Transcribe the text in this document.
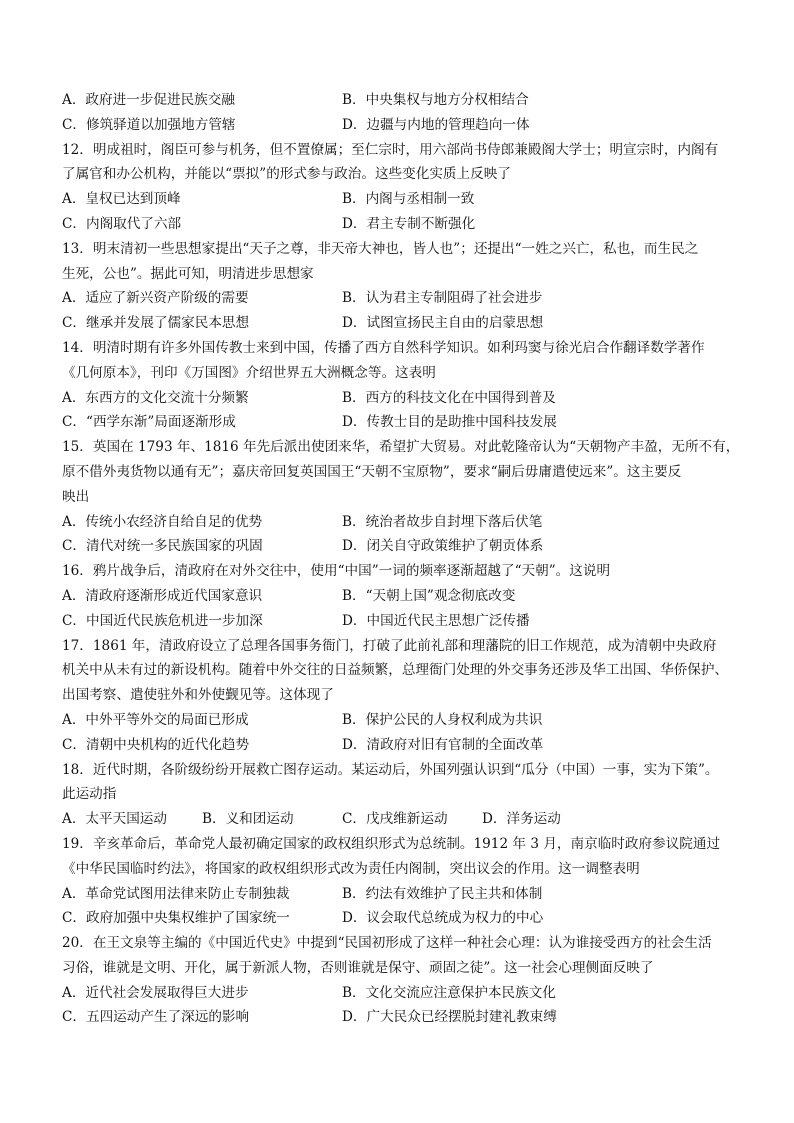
A．政府进一步促进民族交融	B．中央集权与地方分权相结合
C．修筑驿道以加强地方管辖	D．边疆与内地的管理趋向一体
12．明成祖时，阁臣可参与机务，但不置僚属；至仁宗时，用六部尚书侍郎兼殿阁大学士；明宣宗时，内阁有
了属官和办公机构，并能以“票拟”的形式参与政治。这些变化实质上反映了
A．皇权已达到顶峰	B．内阁与丞相制一致
C．内阁取代了六部	D．君主专制不断强化
13．明末清初一些思想家提出“天子之尊，非天帝大神也，皆人也”；还提出“一姓之兴亡，私也，而生民之
生死，公也”。据此可知，明清进步思想家
A．适应了新兴资产阶级的需要	B．认为君主专制阻碍了社会进步
C．继承并发展了儒家民本思想	D．试图宣扬民主自由的启蒙思想
14．明清时期有许多外国传教士来到中国，传播了西方自然科学知识。如利玛窦与徐光启合作翻译数学著作
《几何原本》，刊印《万国图》介绍世界五大洲概念等。这表明
A．东西方的文化交流十分频繁	B．西方的科技文化在中国得到普及
C．“西学东渐”局面逐渐形成	D．传教士目的是助推中国科技发展
15．英国在 1793 年、1816 年先后派出使团来华，希望扩大贸易。对此乾隆帝认为“天朝物产丰盈，无所不有，
原不借外夷货物以通有无”；嘉庆帝回复英国国王“天朝不宝原物”，要求“嗣后毋庸遣使远来”。这主要反
映出
A．传统小农经济自给自足的优势	B．统治者故步自封埋下落后伏笔
C．清代对统一多民族国家的巩固	D．闭关自守政策维护了朝贡体系
16．鸦片战争后，清政府在对外交往中，使用“中国”一词的频率逐渐超越了“天朝”。这说明
A．清政府逐渐形成近代国家意识	B．“天朝上国”观念彻底改变
C．中国近代民族危机进一步加深	D．中国近代民主思想广泛传播
17．1861 年，清政府设立了总理各国事务衙门，打破了此前礼部和理藩院的旧工作规范，成为清朝中央政府
机关中从未有过的新设机构。随着中外交往的日益频繁，总理衙门处理的外交事务还涉及华工出国、华侨保护、
出国考察、遣使驻外和外使觐见等。这体现了
A．中外平等外交的局面已形成	B．保护公民的人身权利成为共识
C．清朝中央机构的近代化趋势	D．清政府对旧有官制的全面改革
18．近代时期，各阶级纷纷开展救亡图存运动。某运动后，外国列强认识到“瓜分（中国）一事，实为下策”。
此运动指
A．太平天国运动	B．义和团运动	C．戊戌维新运动	D．洋务运动
19．辛亥革命后，革命党人最初确定国家的政权组织形式为总统制。1912 年 3 月，南京临时政府参议院通过
《中华民国临时约法》，将国家的政权组织形式改为责任内阁制，突出议会的作用。这一调整表明
A．革命党试图用法律来防止专制独裁	B．约法有效维护了民主共和体制
C．政府加强中央集权维护了国家统一	D．议会取代总统成为权力的中心
20．在王文泉等主编的《中国近代史》中提到“民国初形成了这样一种社会心理：认为谁接受西方的社会生活
习俗，谁就是文明、开化，属于新派人物，否则谁就是保守、顽固之徒”。这一社会心理侧面反映了
A．近代社会发展取得巨大进步	B．文化交流应注意保护本民族文化
C．五四运动产生了深远的影响	D．广大民众已经摆脱封建礼教束缚
